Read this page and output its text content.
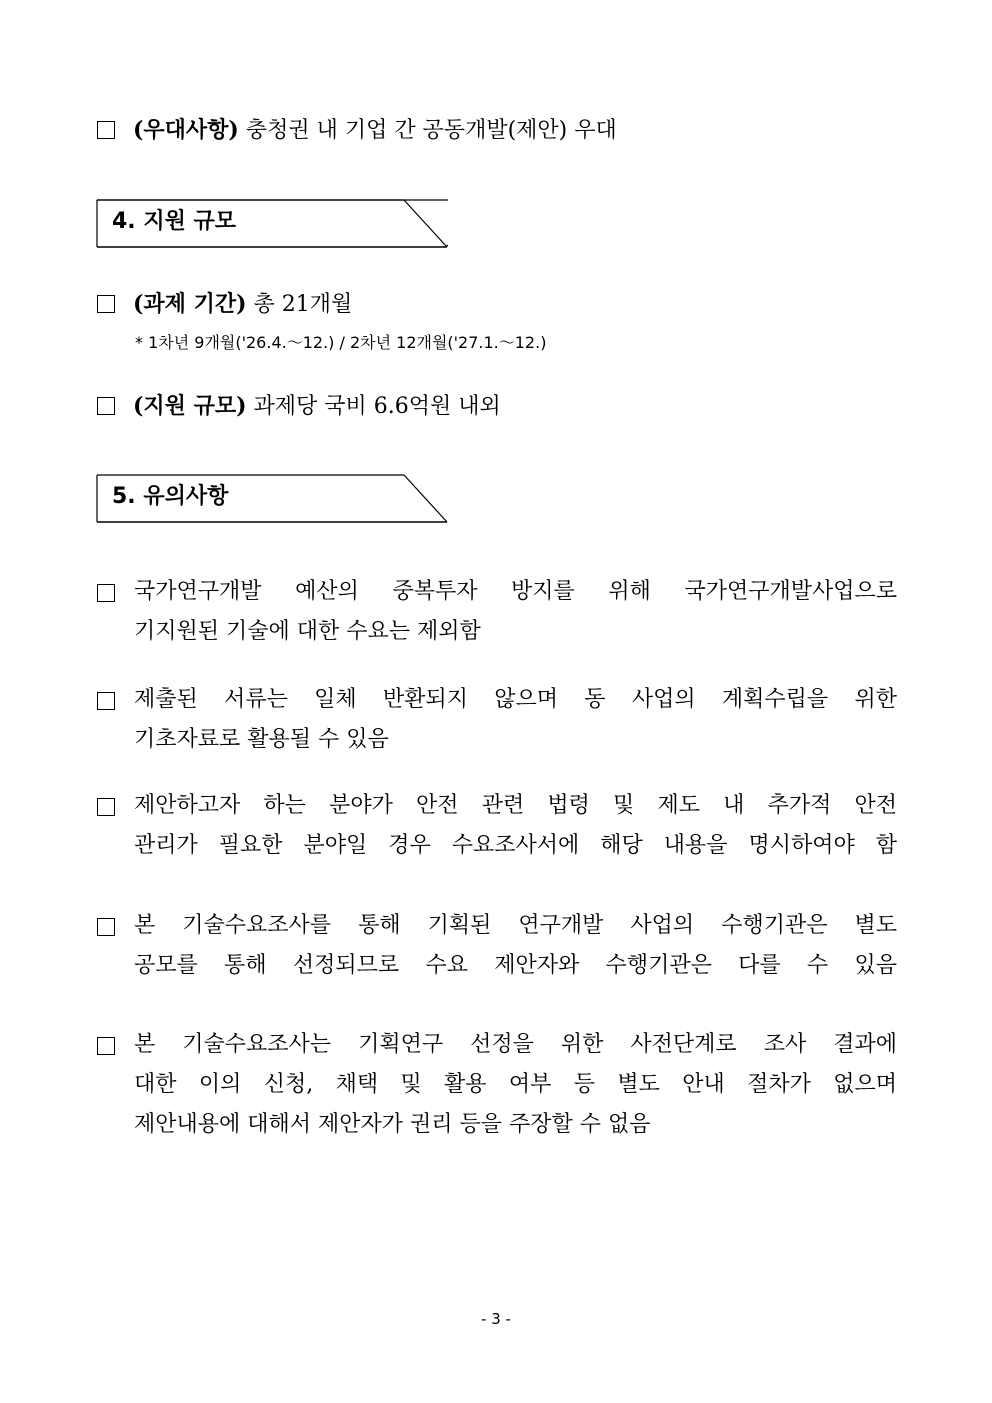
(우대사항) 충청권 내 기업 간 공동개발(제안) 우대
4. 지원 규모
(과제 기간) 총 21개월
* 1차년 9개월('26.4.～12.) / 2차년 12개월('27.1.～12.)
(지원 규모) 과제당 국비 6.6억원 내외
5. 유의사항
국가연구개발 예산의 중복투자 방지를 위해 국가연구개발사업으로
기지원된 기술에 대한 수요는 제외함
제출된 서류는 일체 반환되지 않으며 동 사업의 계획수립을 위한
기초자료로 활용될 수 있음
제안하고자 하는 분야가 안전 관련 법령 및 제도 내 추가적 안전
관리가 필요한 분야일 경우 수요조사서에 해당 내용을 명시하여야 함
본 기술수요조사를 통해 기획된 연구개발 사업의 수행기관은 별도
공모를 통해 선정되므로 수요 제안자와 수행기관은 다를 수 있음
본 기술수요조사는 기획연구 선정을 위한 사전단계로 조사 결과에
대한 이의 신청, 채택 및 활용 여부 등 별도 안내 절차가 없으며
제안내용에 대해서 제안자가 권리 등을 주장할 수 없음
- 3 -
